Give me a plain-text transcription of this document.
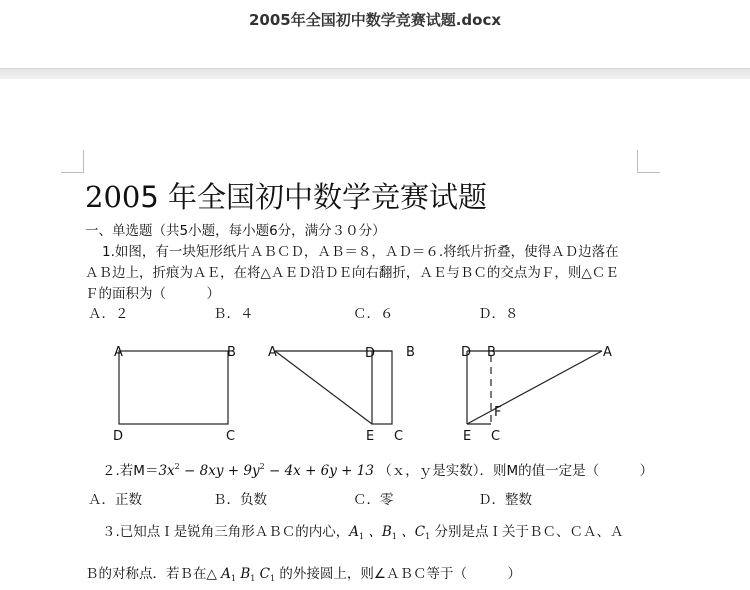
2005年全国初中数学竞赛试题.docx
2005 年全国初中数学竞赛试题
一、单选题（共5小题，每小题6分，满分３０分）
1.如图，有一块矩形纸片ＡＢＣＤ，ＡＢ＝８，ＡＤ＝６.将纸片折叠，使得ＡＤ边落在
ＡＢ边上，折痕为ＡＥ，在将△ＡＥＤ沿ＤＥ向右翻折，ＡＥ与ＢＣ的交点为Ｆ，则△ＣＥ
Ｆ的面积为（　　　）
Ａ．２	Ｂ．４	Ｃ．６	Ｄ．８
A	B
D	C
A	D B
E C
D B	A
F
E C
２.若$M=3x^2 - 8xy + 9y^2 - 4x + 6y + 13$ （ｘ，ｙ是实数）．则M的值一定是（　　　）
Ａ．正数	Ｂ．负数	Ｃ．零	Ｄ．整数
３.已知点Ｉ是锐角三角形ＡＢＣ的内心，$A_1$ 、$B_1$ 、$C_1$ 分别是点Ｉ关于ＢＣ、ＣＡ、Ａ
Ｂ的对称点．若Ｂ在△ $A_1$ $B_1$ $C_1$ 的外接圆上，则∠ＡＢＣ等于（　　　）
